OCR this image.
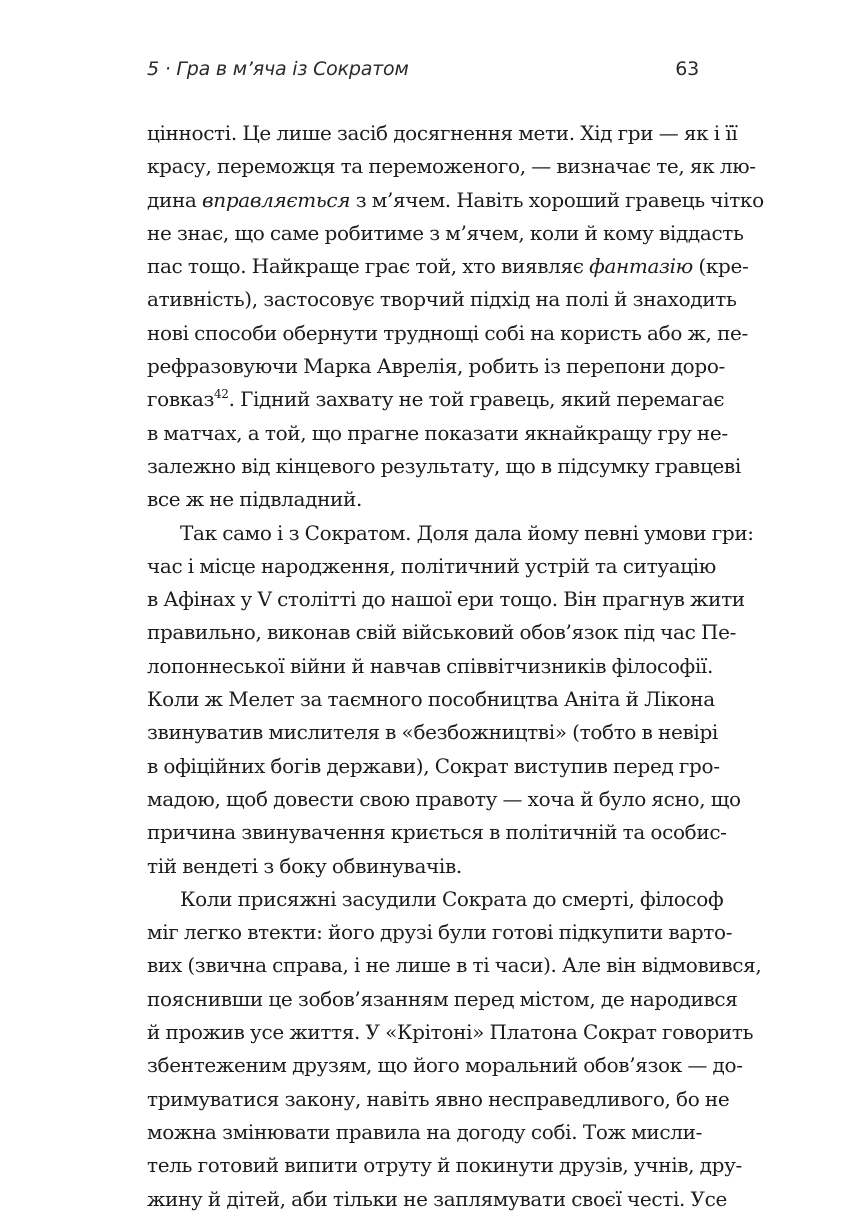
5 · Гра в м’яча із Сократом	63
цінності. Це лише засіб досягнення мети. Хід гри — як і її
красу, переможця та переможеного, — визначає те, як лю-
дина вправляється з м’ячем. Навіть хороший гравець чітко
не знає, що саме робитиме з м’ячем, коли й кому віддасть
пас тощо. Найкраще грає той, хто виявляє фантазію (кре-
ативність), застосовує творчий підхід на полі й знаходить
нові способи обернути труднощі собі на користь або ж, пе-
рефразовуючи Марка Аврелія, робить із перепони доро-
говказ$^{42}$. Гідний захвату не той гравець, який перемагає
в матчах, а той, що прагне показати якнайкращу гру не-
залежно від кінцевого результату, що в підсумку гравцеві
все ж не підвладний.
Так само і з Сократом. Доля дала йому певні умови гри:
час і місце народження, політичний устрій та ситуацію
в Афінах у V столітті до нашої ери тощо. Він прагнув жити
правильно, виконав свій військовий обов’язок під час Пе-
лопоннеської війни й навчав співвітчизників філософії.
Коли ж Мелет за таємного пособництва Аніта й Лікона
звинуватив мислителя в «безбожництві» (тобто в невірі
в офіційних богів держави), Сократ виступив перед гро-
мадою, щоб довести свою правоту — хоча й було ясно, що
причина звинувачення криється в політичній та особис-
тій вендеті з боку обвинувачів.
Коли присяжні засудили Сократа до смерті, філософ
міг легко втекти: його друзі були готові підкупити варто-
вих (звична справа, і не лише в ті часи). Але він відмовився,
пояснивши це зобов’язанням перед містом, де народився
й прожив усе життя. У «Крітоні» Платона Сократ говорить
збентеженим друзям, що його моральний обов’язок — до-
тримуватися закону, навіть явно несправедливого, бо не
можна змінювати правила на догоду собі. Тож мисли-
тель готовий випити отруту й покинути друзів, учнів, дру-
жину й дітей, аби тільки не заплямувати своєї честі. Усе
